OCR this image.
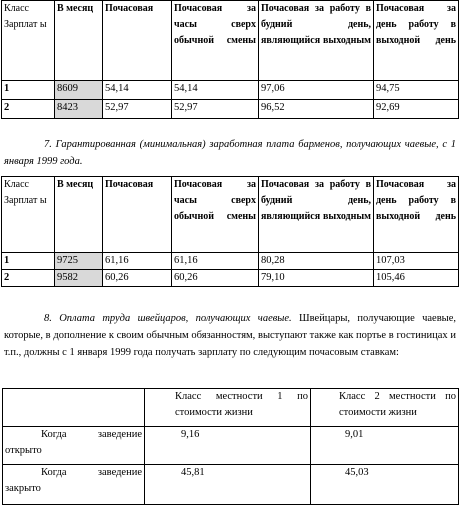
Класс Зарплат ы	В месяц	Почасовая	Почасовая за часы сверх обычной смены	Почасовая за работу в будний день, являющийся выходным	Почасовая за день работу в выходной день
1	8609	54,14	54,14	97,06	94,75
2	8423	52,97	52,97	96,52	92,69

7. Гарантированная (минимальная) заработная плата барменов, получающих чаевые, с 1 января 1999 года.

Класс Зарплат ы	В месяц	Почасовая	Почасовая за часы сверх обычной смены	Почасовая за работу в будний день, являющийся выходным	Почасовая за день работу в выходной день
1	9725	61,16	61,16	80,28	107,03
2	9582	60,26	60,26	79,10	105,46

8. Оплата труда швейцаров, получающих чаевые. Швейцары, получающие чаевые, которые, в дополнение к своим обычным обязанностям, выступают также как портье в гостиницах и т.п., должны с 1 января 1999 года получать зарплату по следующим почасовым ставкам:

	Класс местности 1 по стоимости жизни	Класс 2 местности по стоимости жизни
Когда заведение открыто	9,16	9,01
Когда заведение закрыто	45,81	45,03
